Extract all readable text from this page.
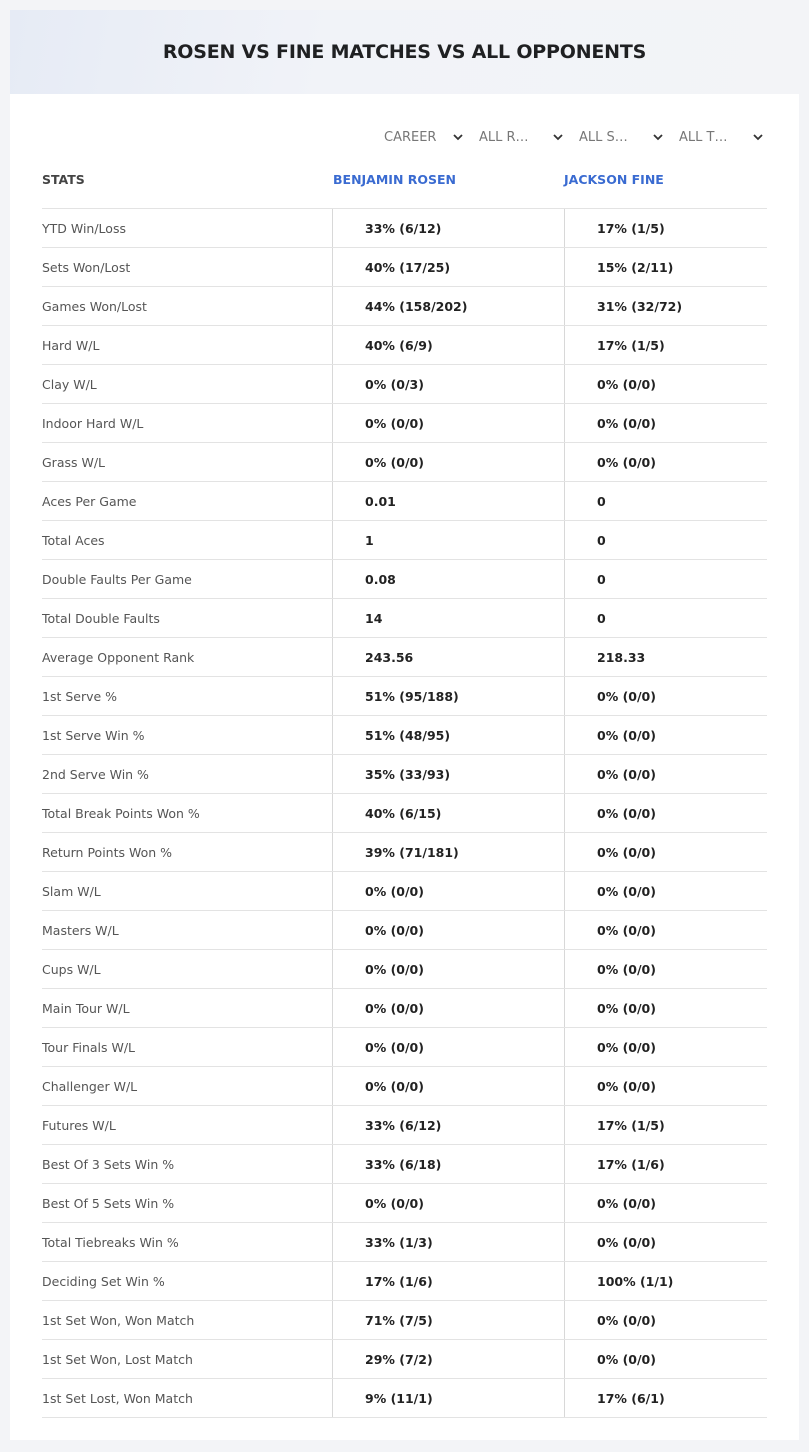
ROSEN VS FINE MATCHES VS ALL OPPONENTS
CAREER	ALL R…	ALL S…	ALL T…
STATS	BENJAMIN ROSEN	JACKSON FINE
YTD Win/Loss	33% (6/12)	17% (1/5)
Sets Won/Lost	40% (17/25)	15% (2/11)
Games Won/Lost	44% (158/202)	31% (32/72)
Hard W/L	40% (6/9)	17% (1/5)
Clay W/L	0% (0/3)	0% (0/0)
Indoor Hard W/L	0% (0/0)	0% (0/0)
Grass W/L	0% (0/0)	0% (0/0)
Aces Per Game	0.01	0
Total Aces	1	0
Double Faults Per Game	0.08	0
Total Double Faults	14	0
Average Opponent Rank	243.56	218.33
1st Serve %	51% (95/188)	0% (0/0)
1st Serve Win %	51% (48/95)	0% (0/0)
2nd Serve Win %	35% (33/93)	0% (0/0)
Total Break Points Won %	40% (6/15)	0% (0/0)
Return Points Won %	39% (71/181)	0% (0/0)
Slam W/L	0% (0/0)	0% (0/0)
Masters W/L	0% (0/0)	0% (0/0)
Cups W/L	0% (0/0)	0% (0/0)
Main Tour W/L	0% (0/0)	0% (0/0)
Tour Finals W/L	0% (0/0)	0% (0/0)
Challenger W/L	0% (0/0)	0% (0/0)
Futures W/L	33% (6/12)	17% (1/5)
Best Of 3 Sets Win %	33% (6/18)	17% (1/6)
Best Of 5 Sets Win %	0% (0/0)	0% (0/0)
Total Tiebreaks Win %	33% (1/3)	0% (0/0)
Deciding Set Win %	17% (1/6)	100% (1/1)
1st Set Won, Won Match	71% (7/5)	0% (0/0)
1st Set Won, Lost Match	29% (7/2)	0% (0/0)
1st Set Lost, Won Match	9% (11/1)	17% (6/1)
